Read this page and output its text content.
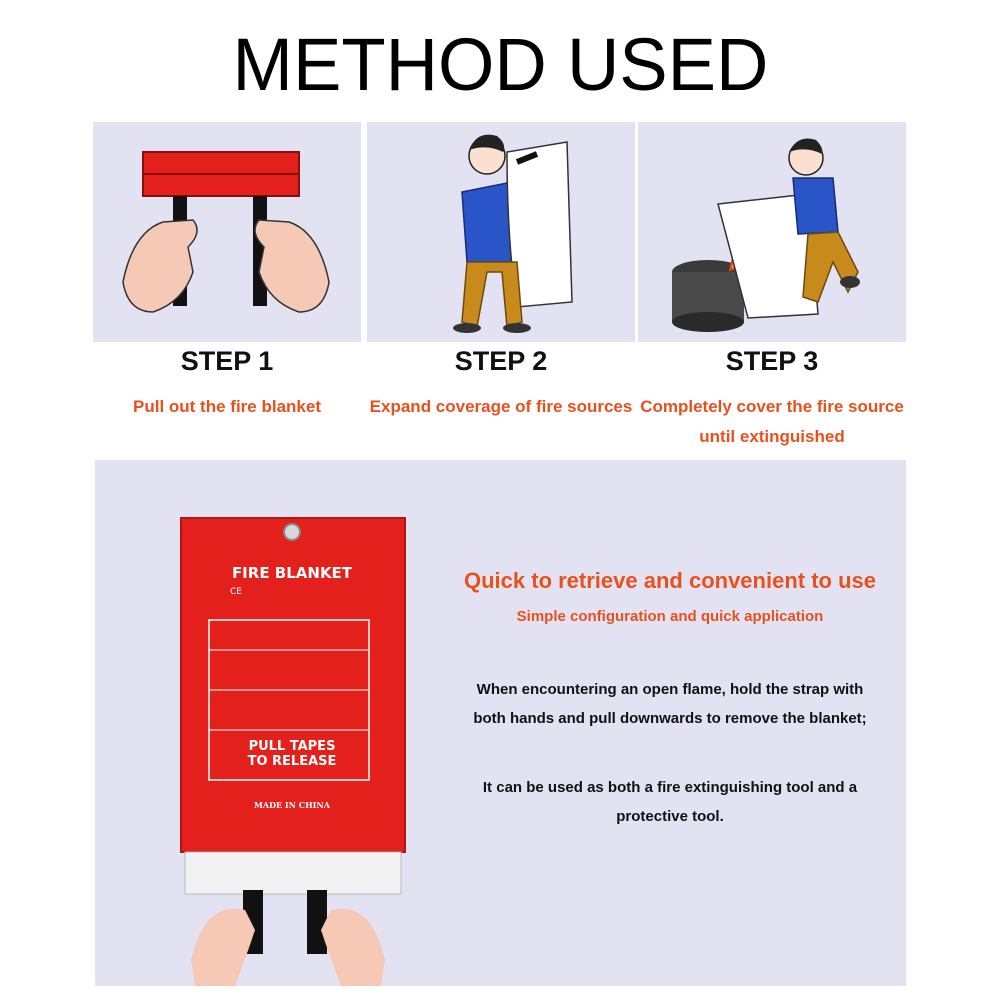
METHOD USED
STEP 1
Pull out the fire blanket
STEP 2
Expand coverage of fire sources
STEP 3
Completely cover the fire source
until extinguished
FIRE BLANKET
CE
PULL TAPES
TO RELEASE
MADE IN CHINA
Quick to retrieve and convenient to use
Simple configuration and quick application
When encountering an open flame, hold the strap with
both hands and pull downwards to remove the blanket;
It can be used as both a fire extinguishing tool and a
protective tool.
